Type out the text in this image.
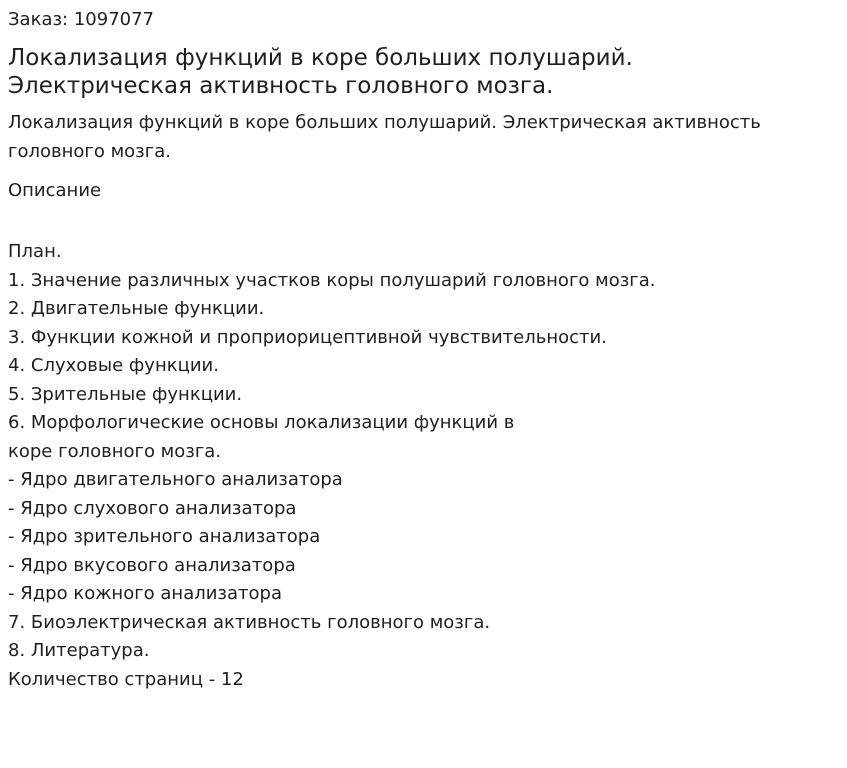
Заказ: 1097077
Локализация функций в коре больших полушарий.
Электрическая активность головного мозга.
Локализация функций в коре больших полушарий. Электрическая активность
головного мозга.
Описание
План.
1. Значение различных участков коры полушарий головного мозга.
2. Двигательные функции.
3. Функции кожной и проприорицептивной чувствительности.
4. Слуховые функции.
5. Зрительные функции.
6. Морфологические основы локализации функций в
коре головного мозга.
- Ядро двигательного анализатора
- Ядро слухового анализатора
- Ядро зрительного анализатора
- Ядро вкусового анализатора
- Ядро кожного анализатора
7. Биоэлектрическая активность головного мозга.
8. Литература.
Количество страниц - 12
